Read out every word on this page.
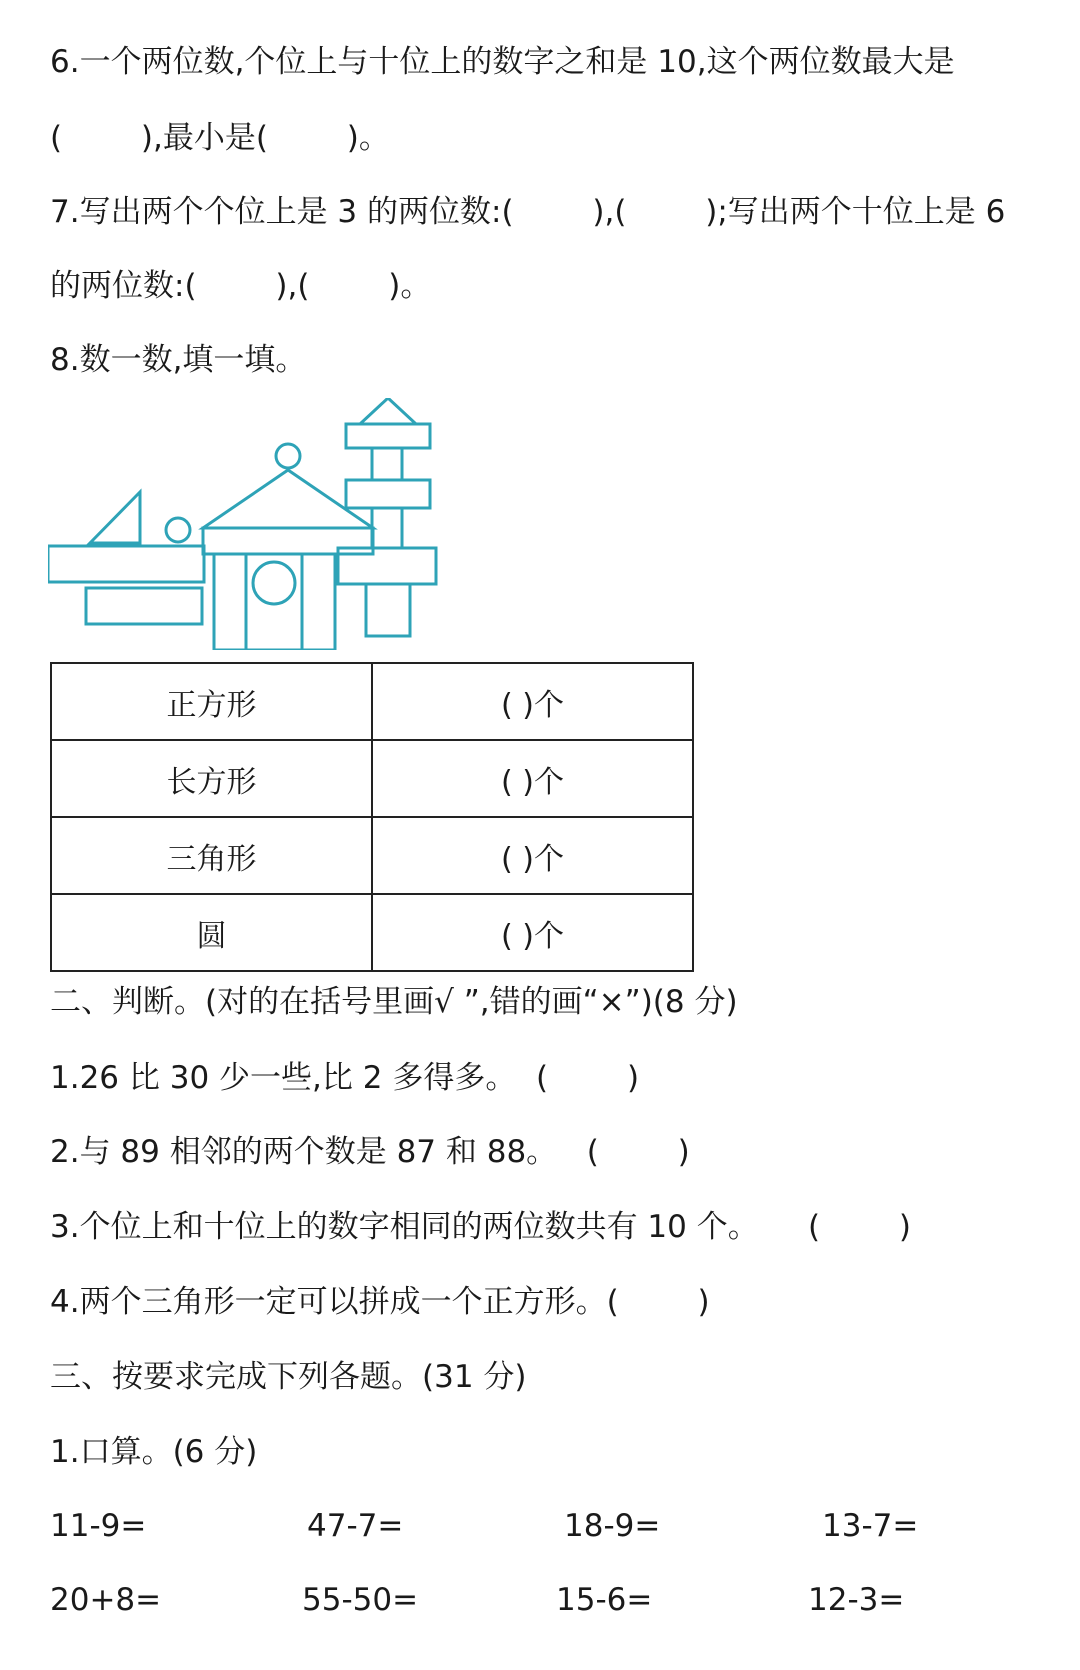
6.一个两位数,个位上与十位上的数字之和是 10,这个两位数最大是
(        ),最小是(        )。
7.写出两个个位上是 3 的两位数:(        ),(        );写出两个十位上是 6
的两位数:(        ),(        )。
8.数一数,填一填。
正方形	( )个
长方形	( )个
三角形	( )个
圆	( )个
二、判断。(对的在括号里画√ ”,错的画“×”)(8 分)
1.26 比 30 少一些,比 2 多得多。  (        )
2.与 89 相邻的两个数是 87 和 88。   (        )
3.个位上和十位上的数字相同的两位数共有 10 个。     (        )
4.两个三角形一定可以拼成一个正方形。(        )
三、按要求完成下列各题。(31 分)
1.口算。(6 分)
11-9=	47-7=	18-9=	13-7=
20+8=	55-50=	15-6=	12-3=
